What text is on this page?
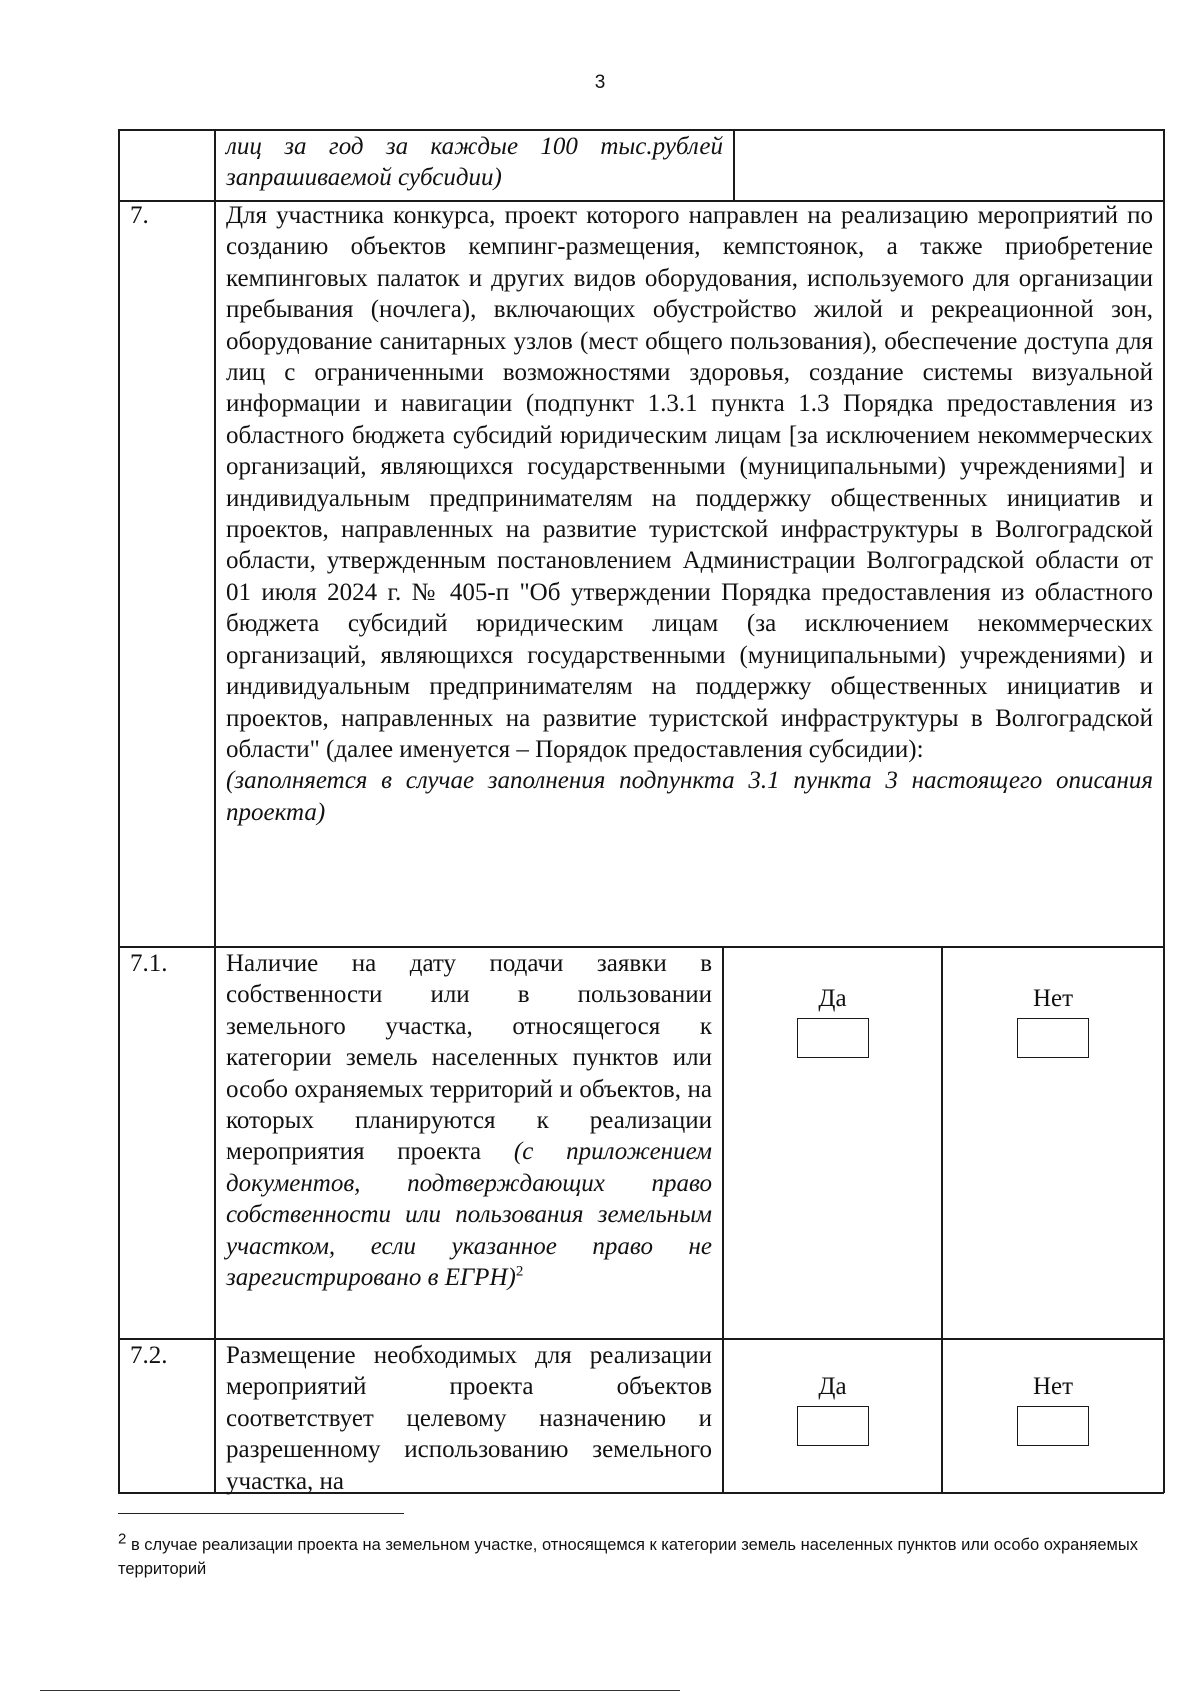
3
лиц за год за каждые 100 тыс.рублей запрашиваемой субсидии)
7.	Для участника конкурса, проект которого направлен на реализацию мероприятий по созданию объектов кемпинг-размещения, кемпстоянок, а также приобретение кемпинговых палаток и других видов оборудования, используемого для организации пребывания (ночлега), включающих обустройство жилой и рекреационной зон, оборудование санитарных узлов (мест общего пользования), обеспечение доступа для лиц с ограниченными возможностями здоровья, создание системы визуальной информации и навигации (подпункт 1.3.1 пункта 1.3 Порядка предоставления из областного бюджета субсидий юридическим лицам [за исключением некоммерческих организаций, являющихся государственными (муниципальными) учреждениями] и индивидуальным предпринимателям на поддержку общественных инициатив и проектов, направленных на развитие туристской инфраструктуры в Волгоградской области, утвержденным постановлением Администрации Волгоградской области от 01 июля 2024 г. № 405-п "Об утверждении Порядка предоставления из областного бюджета субсидий юридическим лицам (за исключением некоммерческих организаций, являющихся государственными (муниципальными) учреждениями) и индивидуальным предпринимателям на поддержку общественных инициатив и проектов, направленных на развитие туристской инфраструктуры в Волгоградской области" (далее именуется – Порядок предоставления субсидии):
(заполняется в случае заполнения подпункта 3.1 пункта 3 настоящего описания проекта)
7.1.	Наличие на дату подачи заявки в собственности или в пользовании земельного участка, относящегося к категории земель населенных пунктов или особо охраняемых территорий и объектов, на которых планируются к реализации мероприятия проекта (с приложением документов, подтверждающих право собственности или пользования земельным участком, если указанное право не зарегистрировано в ЕГРН)$^2$
Да	Нет
7.2.	Размещение необходимых для реализации мероприятий проекта объектов соответствует целевому назначению и разрешенному использованию земельного участка, на
Да	Нет
$^2$ в случае реализации проекта на земельном участке, относящемся к категории земель населенных пунктов или особо охраняемых территорий
